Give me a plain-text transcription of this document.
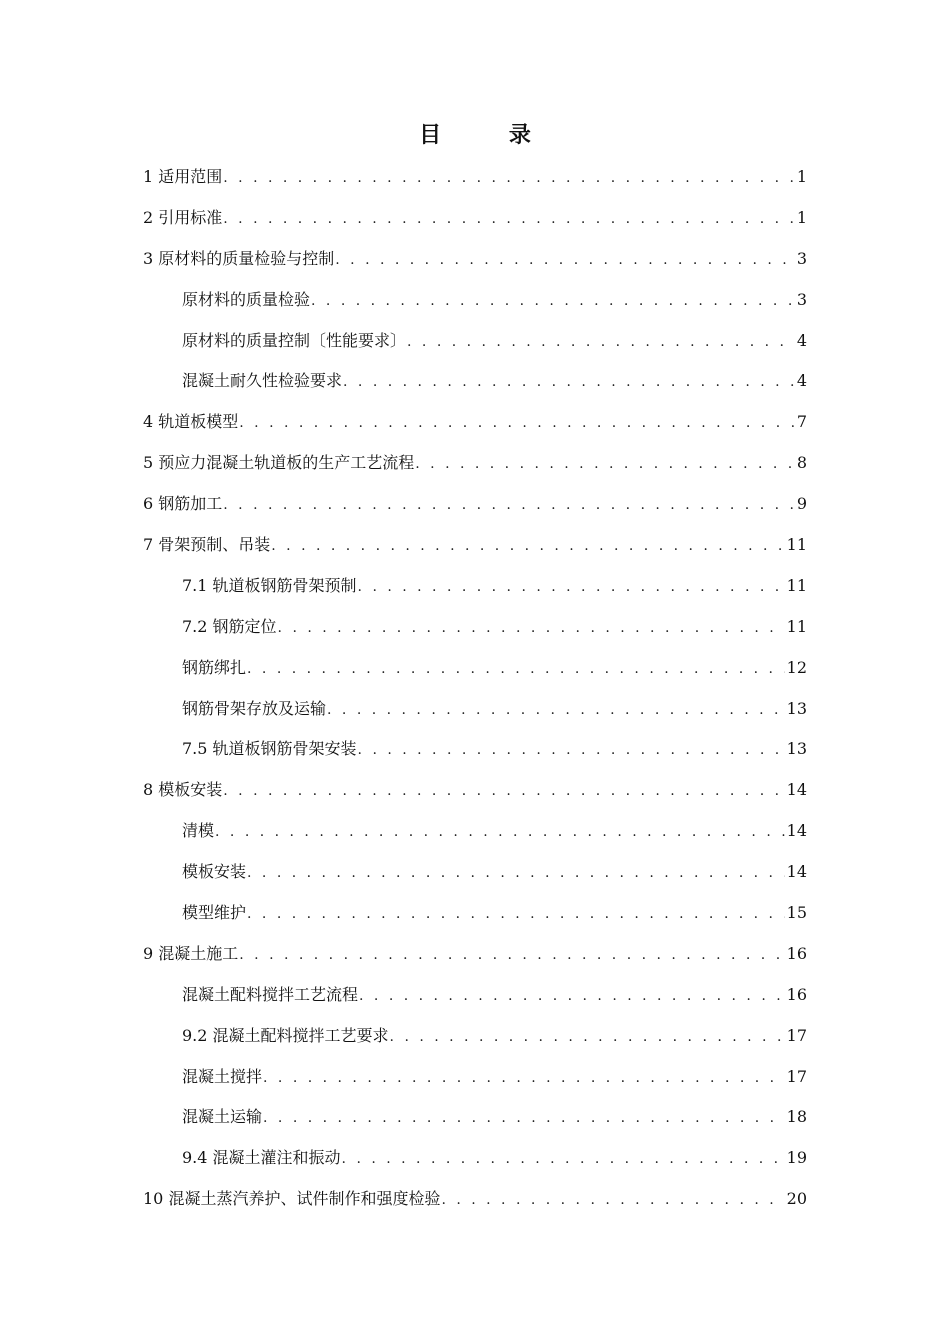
目 录
1 适用范围 . . .	1
2 引用标准 . . .	1
3 原材料的质量检验与控制 . . .	3
原材料的质量检验 . . .	3
原材料的质量控制〔性能要求〕 . . .	4
混凝土耐久性检验要求 . . .	4
4 轨道板模型 . . .	7
5 预应力混凝土轨道板的生产工艺流程 . . .	8
6 钢筋加工 . . .	9
7 骨架预制、吊装 . . .	11
7.1 轨道板钢筋骨架预制 . . .	11
7.2 钢筋定位 . . .	11
钢筋绑扎 . . .	12
钢筋骨架存放及运输 . . .	13
7.5 轨道板钢筋骨架安装 . . .	13
8 模板安装 . . .	14
清模 . . .	14
模板安装 . . .	14
模型维护 . . .	15
9 混凝土施工 . . .	16
混凝土配料搅拌工艺流程 . . .	16
9.2 混凝土配料搅拌工艺要求 . . .	17
混凝土搅拌 . . .	17
混凝土运输 . . .	18
9.4 混凝土灌注和振动 . . .	19
10 混凝土蒸汽养护、试件制作和强度检验 . . .	20
